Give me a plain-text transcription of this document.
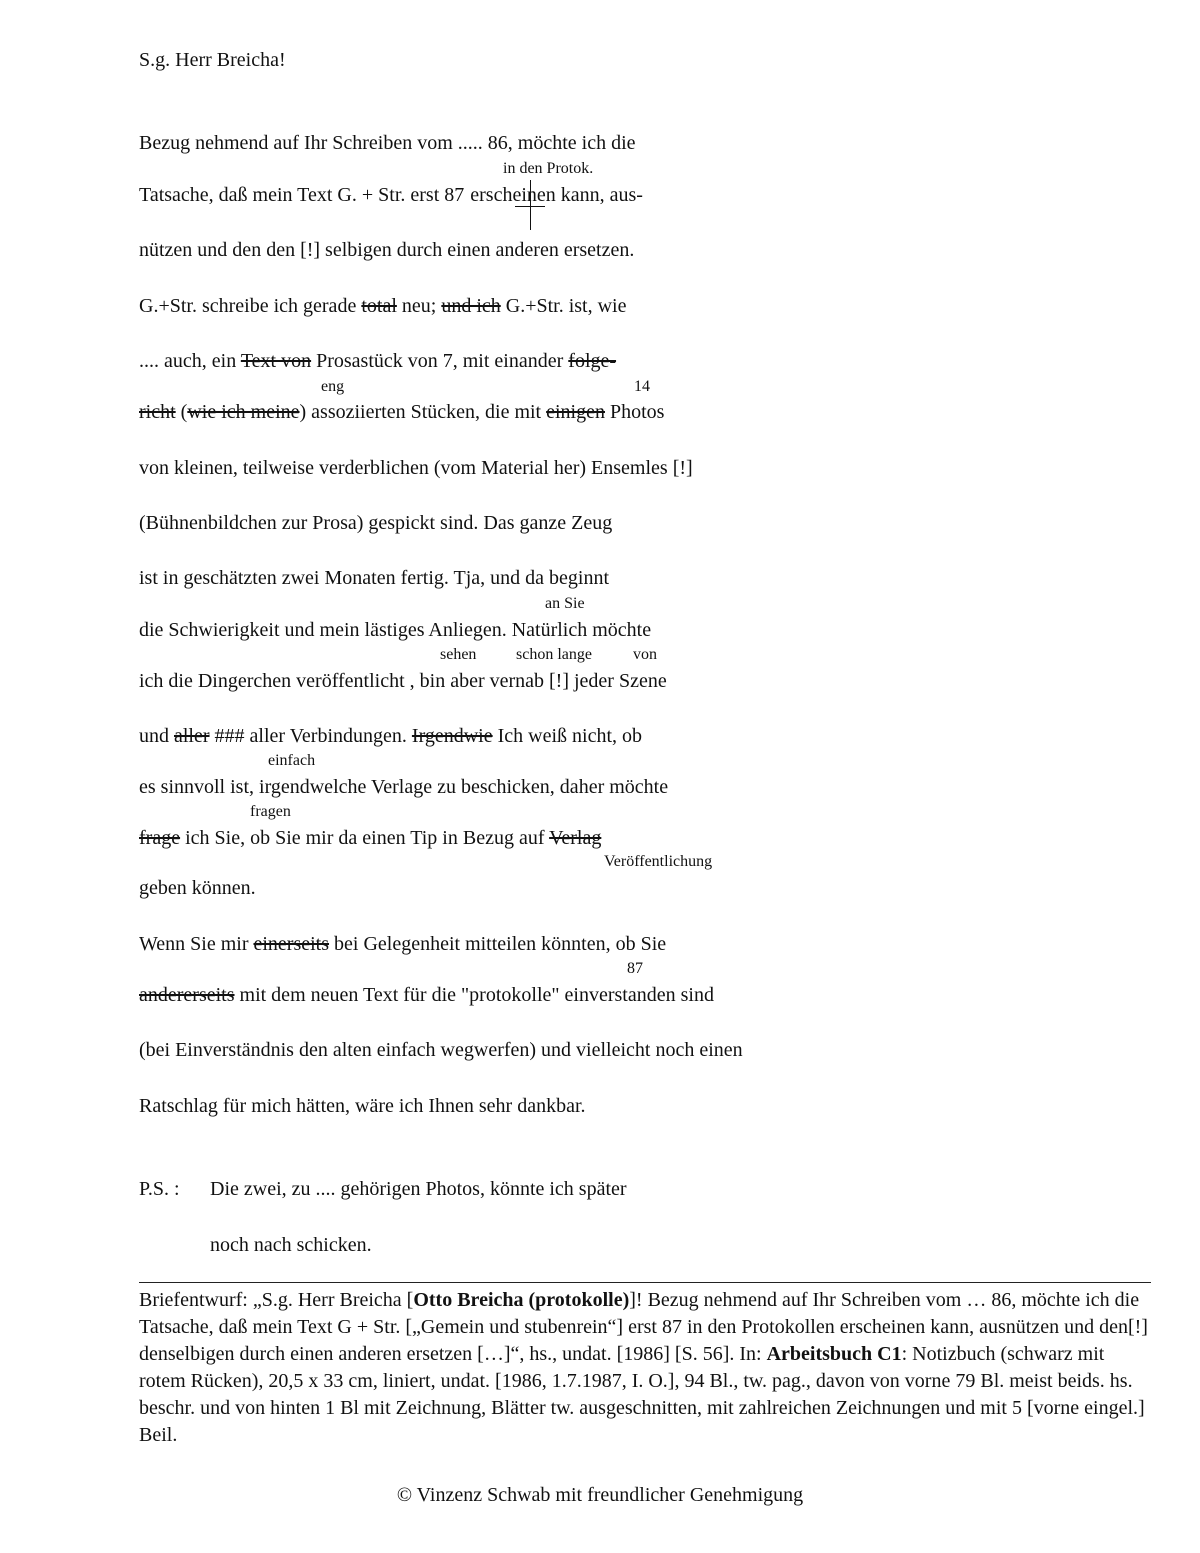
S.g. Herr Breicha!
Bezug nehmend auf Ihr Schreiben vom ..... 86, möchte ich die
in den Protok.
Tatsache, daß mein Text G. + Str. erst 87 erscheinen kann, aus-
nützen und den den [!] selbigen durch einen anderen ersetzen.
G.+Str. schreibe ich gerade total neu; und ich G.+Str. ist, wie
.... auch, ein Text von Prosastück von 7, mit einander folge-
eng	14
richt (wie ich meine) assoziierten Stücken, die mit einigen Photos
von kleinen, teilweise verderblichen (vom Material her) Ensemles [!]
(Bühnenbildchen zur Prosa) gespickt sind. Das ganze Zeug
ist in geschätzten zwei Monaten fertig. Tja, und da beginnt
an Sie
die Schwierigkeit und mein lästiges Anliegen. Natürlich möchte
sehen schon lange	von
ich die Dingerchen veröffentlicht , bin aber vernab [!] jeder Szene
und aller ### aller Verbindungen. Irgendwie Ich weiß nicht, ob
einfach
es sinnvoll ist, irgendwelche Verlage zu beschicken, daher möchte
fragen
frage ich Sie, ob Sie mir da einen Tip in Bezug auf Verlag
Veröffentlichung
geben können.
Wenn Sie mir einerseits bei Gelegenheit mitteilen könnten, ob Sie
87
andererseits mit dem neuen Text für die "protokolle" einverstanden sind
(bei Einverständnis den alten einfach wegwerfen) und vielleicht noch einen
Ratschlag für mich hätten, wäre ich Ihnen sehr dankbar.
P.S. : Die zwei, zu .... gehörigen Photos, könnte ich später
noch nach schicken.
Briefentwurf: „S.g. Herr Breicha [Otto Breicha (protokolle)]! Bezug nehmend auf Ihr Schreiben vom … 86, möchte ich die Tatsache, daß mein Text G + Str. [„Gemein und stubenrein“] erst 87 in den Protokollen erscheinen kann, ausnützen und den[!] denselbigen durch einen anderen ersetzen […]“, hs., undat. [1986] [S. 56]. In: Arbeitsbuch C1: Notizbuch (schwarz mit rotem Rücken), 20,5 x 33 cm, liniert, undat. [1986, 1.7.1987, I. O.], 94 Bl., tw. pag., davon von vorne 79 Bl. meist beids. hs. beschr. und von hinten 1 Bl mit Zeichnung, Blätter tw. ausgeschnitten, mit zahlreichen Zeichnungen und mit 5 [vorne eingel.] Beil.
© Vinzenz Schwab mit freundlicher Genehmigung
